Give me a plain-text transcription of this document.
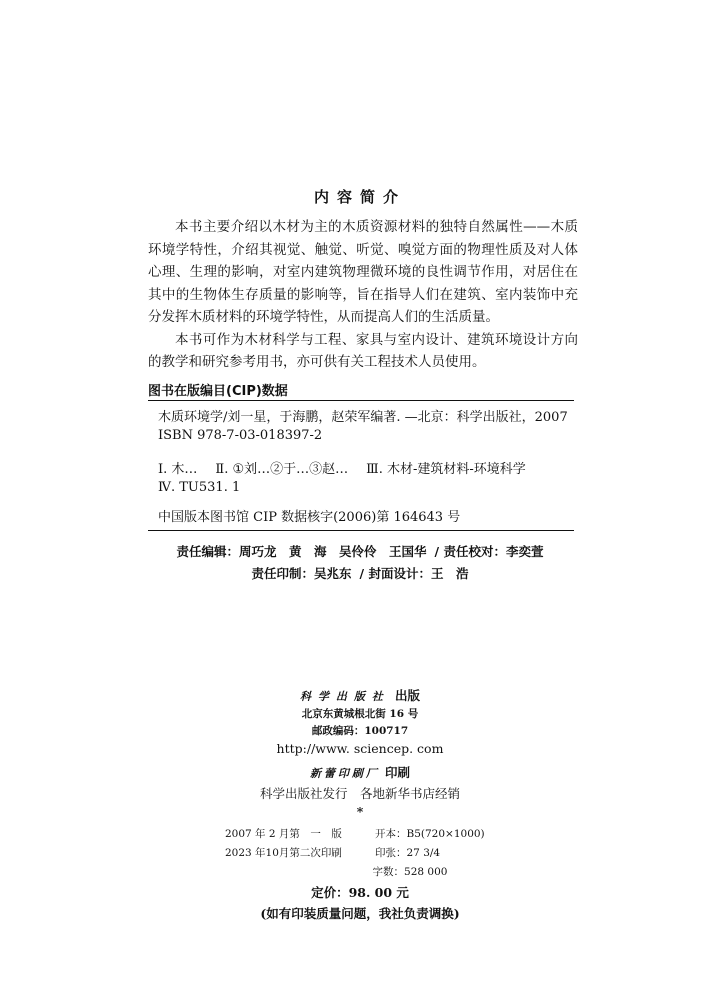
内容简介

本书主要介绍以木材为主的木质资源材料的独特自然属性——木质环境学特性，介绍其视觉、触觉、听觉、嗅觉方面的物理性质及对人体心理、生理的影响，对室内建筑物理微环境的良性调节作用，对居住在其中的生物体生存质量的影响等，旨在指导人们在建筑、室内装饰中充分发挥木质材料的环境学特性，从而提高人们的生活质量。

本书可作为木材科学与工程、家具与室内设计、建筑环境设计方向的教学和研究参考用书，亦可供有关工程技术人员使用。

图书在版编目(CIP)数据
木质环境学/刘一星，于海鹏，赵荣军编著. —北京：科学出版社，2007
ISBN 978-7-03-018397-2
Ⅰ. 木… Ⅱ. ①刘…②于…③赵… Ⅲ. 木材-建筑材料-环境科学
Ⅳ. TU531. 1
中国版本图书馆 CIP 数据核字(2006)第 164643 号
责任编辑：周巧龙　黄　海　吴伶伶　王国华 / 责任校对：李奕萱
责任印制：吴兆东 / 封面设计：王　浩
科学出版社 出版
北京东黄城根北街 16 号
邮政编码：100717
http://www. sciencep. com
新蕾印刷厂 印刷
科学出版社发行　各地新华书店经销
*
2007 年 2 月第　一　版	开本：B5(720×1000)
2023 年10月第二次印刷	印张：27 3/4
字数：528 000
定价：98. 00 元
(如有印装质量问题，我社负责调换)
